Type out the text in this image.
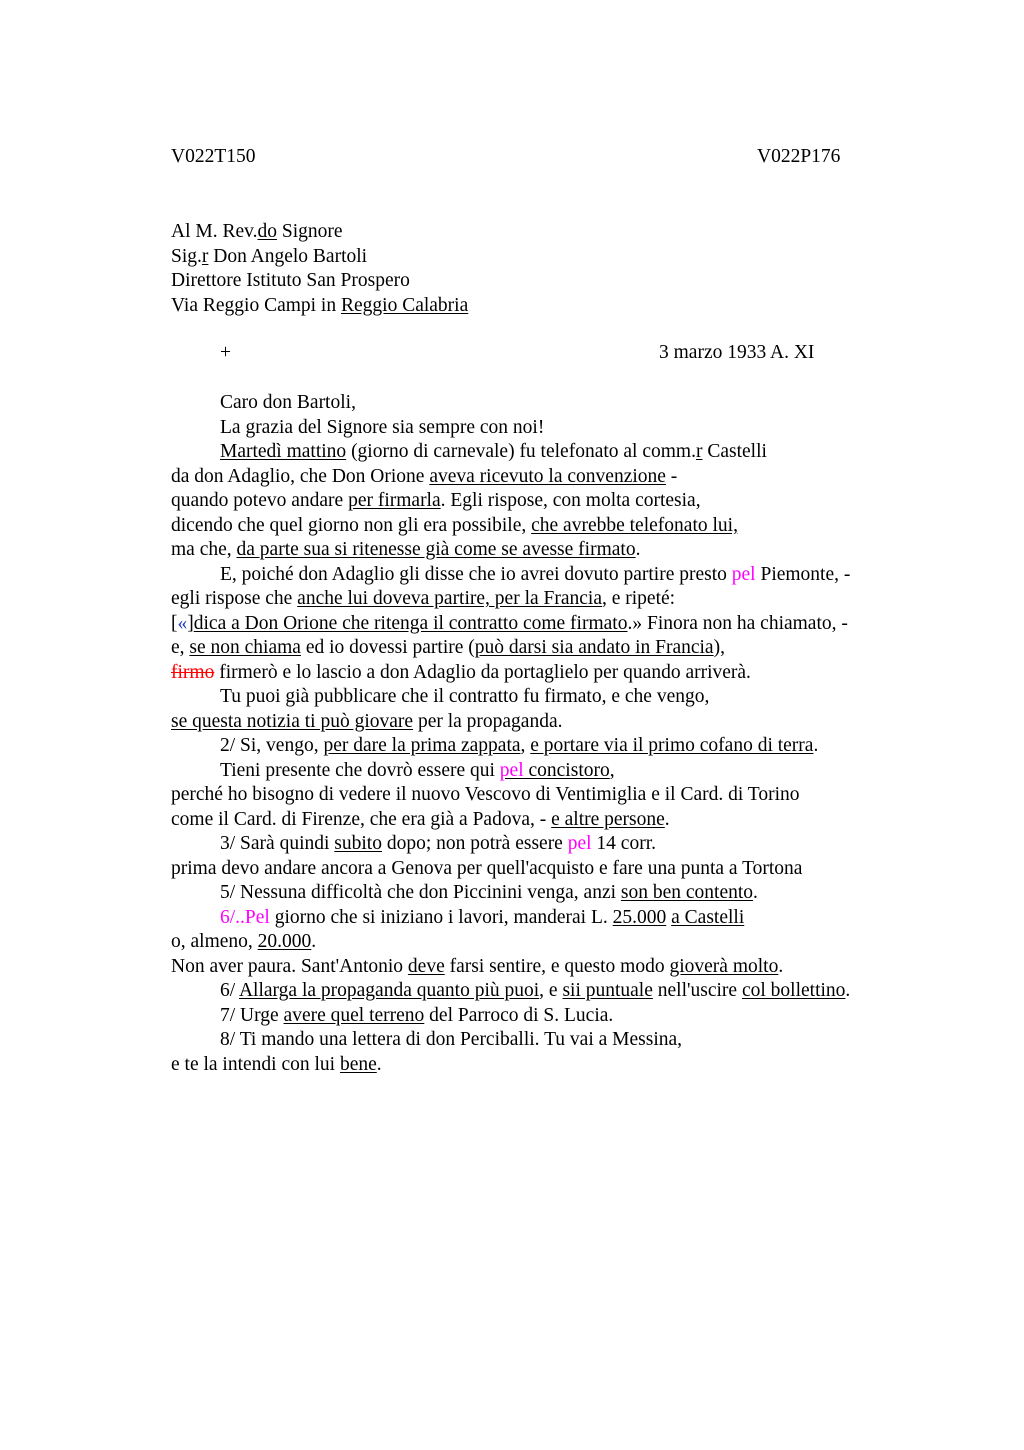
V022T150	V022P176
Al M. Rev.do Signore
Sig.r Don Angelo Bartoli
Direttore Istituto San Prospero
Via Reggio Campi in Reggio Calabria
+	3 marzo 1933 A. XI
Caro don Bartoli,
La grazia del Signore sia sempre con noi!
Martedì mattino (giorno di carnevale) fu telefonato al comm.r Castelli
da don Adaglio, che Don Orione aveva ricevuto la convenzione -
quando potevo andare per firmarla. Egli rispose, con molta cortesia,
dicendo che quel giorno non gli era possibile, che avrebbe telefonato lui,
ma che, da parte sua si ritenesse già come se avesse firmato.
E, poiché don Adaglio gli disse che io avrei dovuto partire presto pel Piemonte, -
egli rispose che anche lui doveva partire, per la Francia, e ripeté:
[«]dica a Don Orione che ritenga il contratto come firmato.» Finora non ha chiamato, -
e, se non chiama ed io dovessi partire (può darsi sia andato in Francia),
firmo firmerò e lo lascio a don Adaglio da portaglielo per quando arriverà.
Tu puoi già pubblicare che il contratto fu firmato, e che vengo,
se questa notizia ti può giovare per la propaganda.
2/ Si, vengo, per dare la prima zappata, e portare via il primo cofano di terra.
Tieni presente che dovrò essere qui pel concistoro,
perché ho bisogno di vedere il nuovo Vescovo di Ventimiglia e il Card. di Torino
come il Card. di Firenze, che era già a Padova, - e altre persone.
3/ Sarà quindi subito dopo; non potrà essere pel 14 corr.
prima devo andare ancora a Genova per quell'acquisto e fare una punta a Tortona
5/ Nessuna difficoltà che don Piccinini venga, anzi son ben contento.
6/..Pel giorno che si iniziano i lavori, manderai L. 25.000 a Castelli
o, almeno, 20.000.
Non aver paura. Sant'Antonio deve farsi sentire, e questo modo gioverà molto.
6/ Allarga la propaganda quanto più puoi, e sii puntuale nell'uscire col bollettino.
7/ Urge avere quel terreno del Parroco di S. Lucia.
8/ Ti mando una lettera di don Perciballi. Tu vai a Messina,
e te la intendi con lui bene.
